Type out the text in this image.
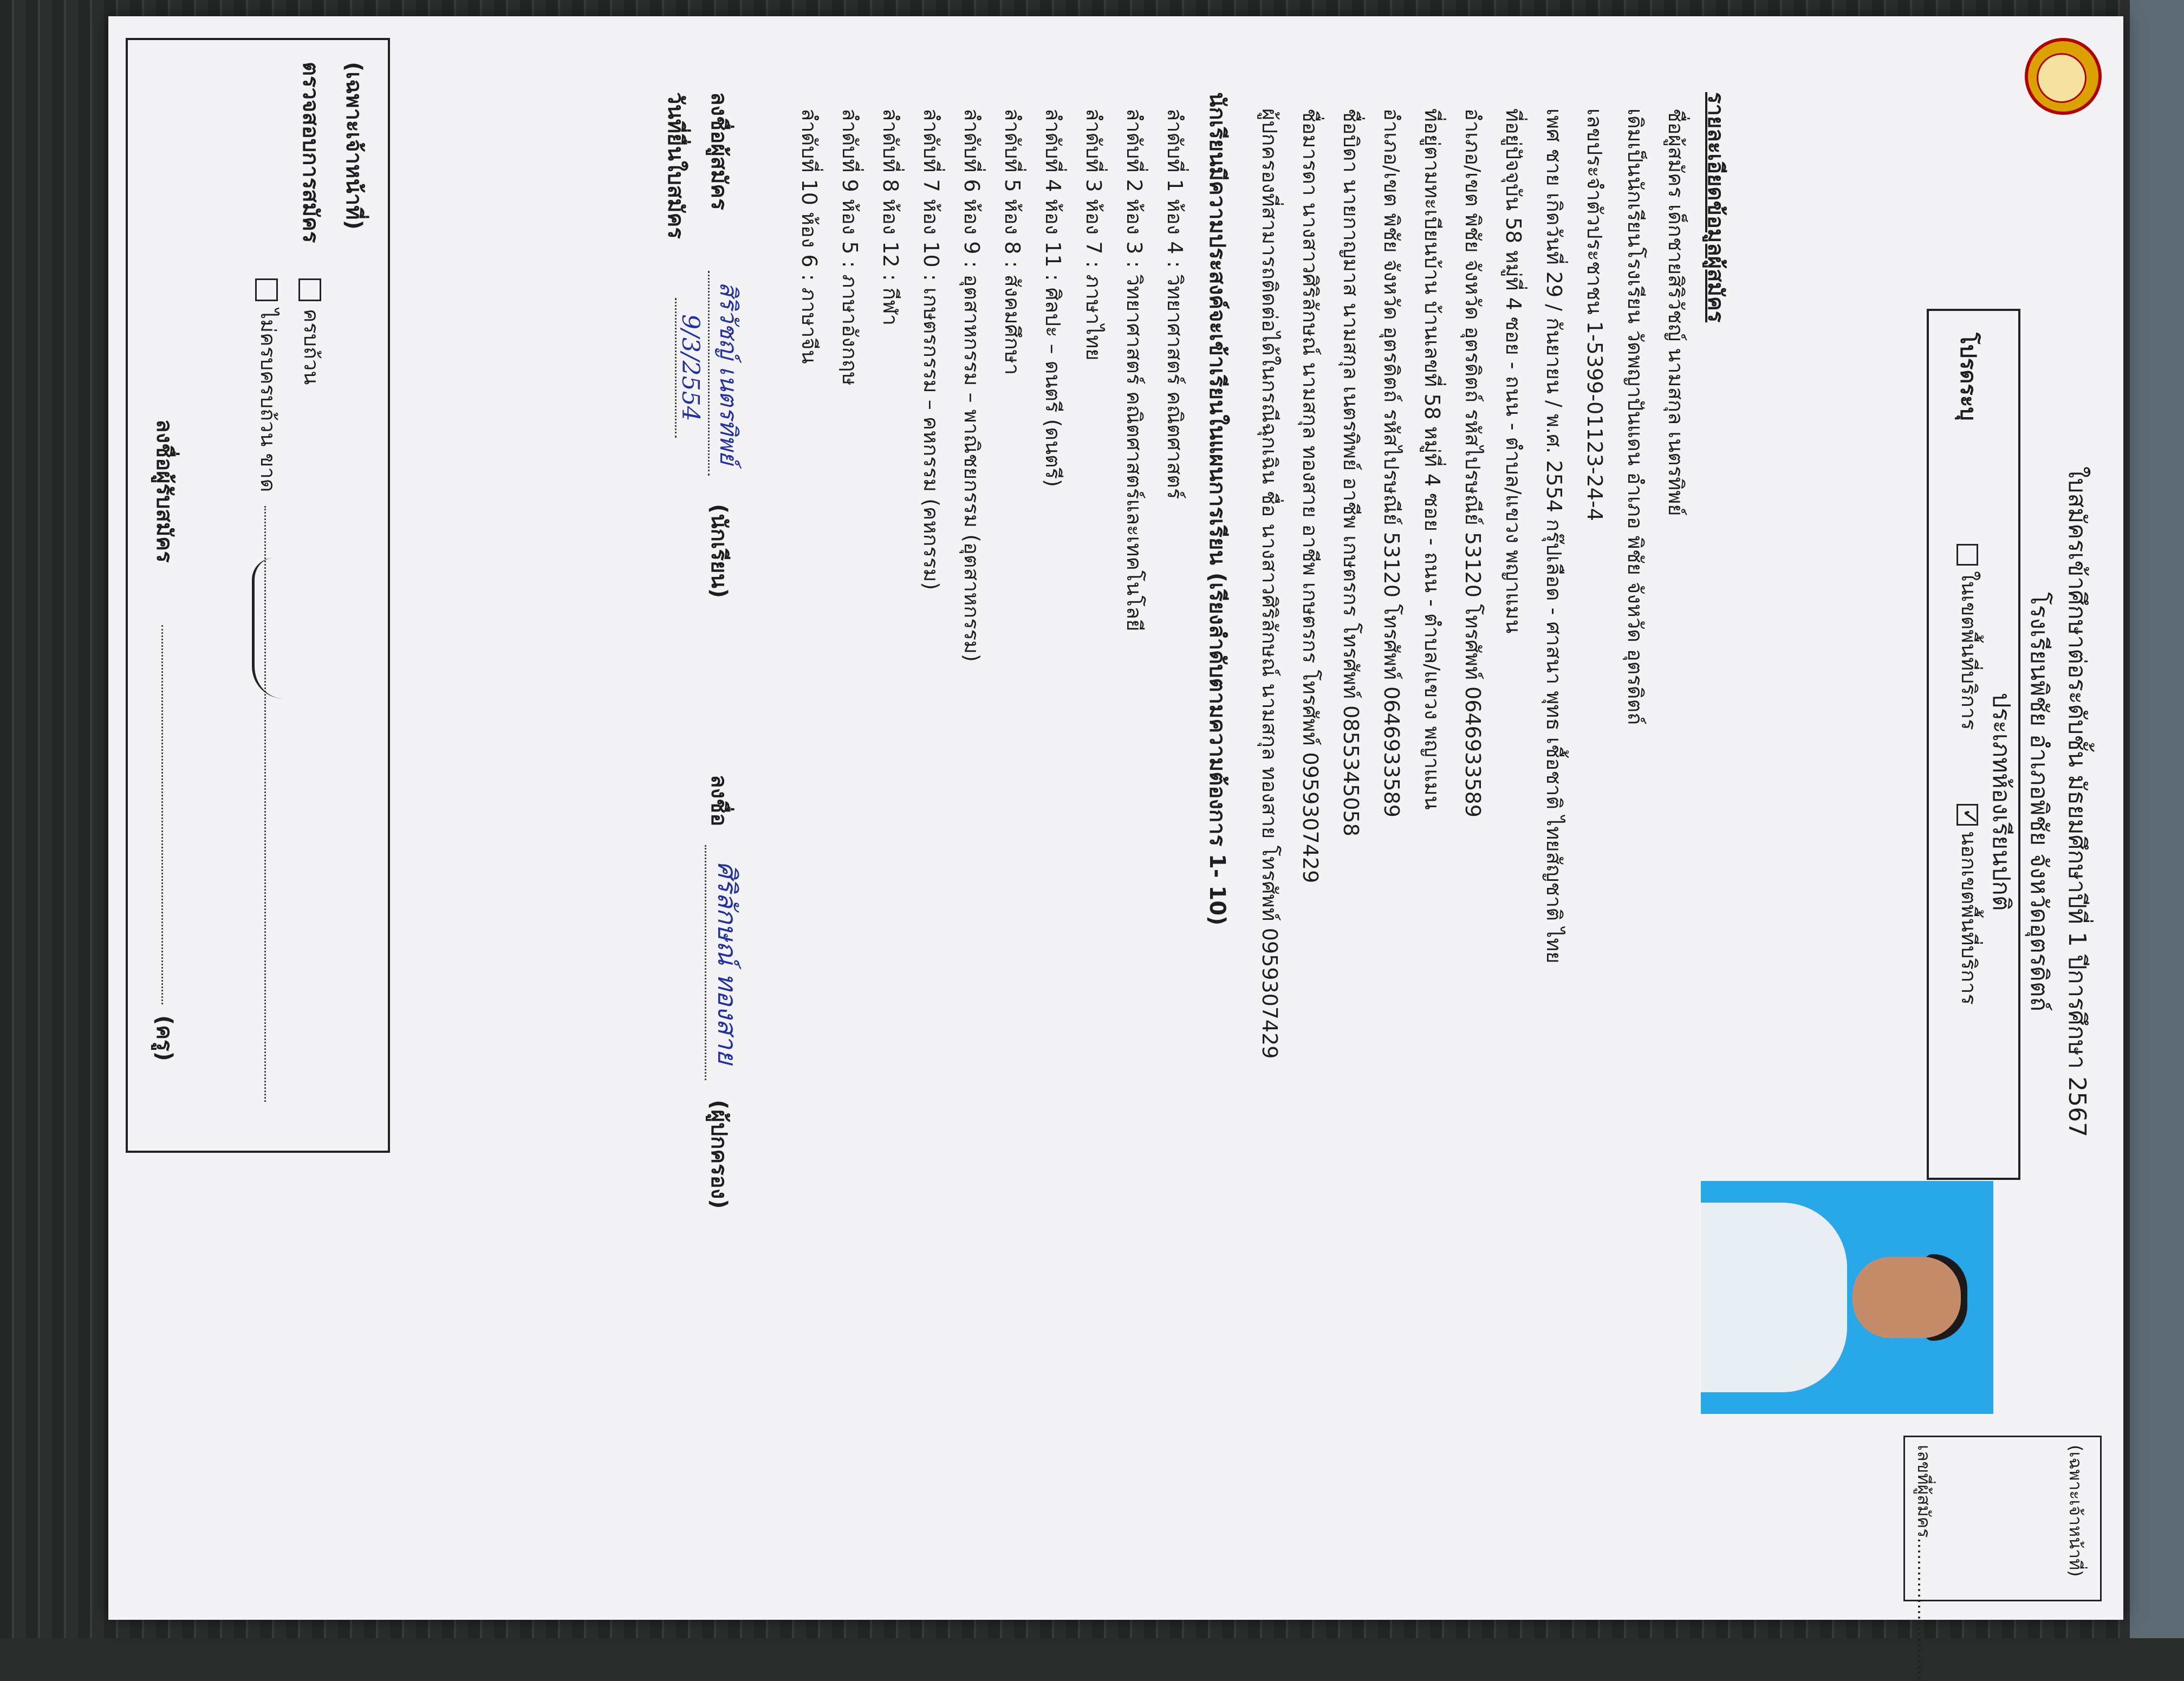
ใบสมัครเข้าศึกษาต่อระดับชั้น มัธยมศึกษาปีที่ 1 ปีการศึกษา 2567
โรงเรียนพิชัย อำเภอพิชัย จังหวัดอุตรดิตถ์
ประเภทห้องเรียนปกติ
(เฉพาะเจ้าหน้าที่)
เลขที่ผู้สมัคร..........................
โปรดระบุ
ในเขตพื้นที่บริการ
✓นอกเขตพื้นที่บริการ
รายละเอียดข้อมูลผู้สมัคร
ชื่อผู้สมัคร เด็กชายสิริวัชญ์ นามสกุล เนตรทิพย์
เดิมเป็นนักเรียนโรงเรียน วัดพญาปันแดน อำเภอ พิชัย จังหวัด อุตรดิตถ์
เลขประจำตัวประชาชน 1-5399-01123-24-4
เพศ ชาย เกิดวันที่ 29 / กันยายน / พ.ศ. 2554 กรุ๊ปเลือด - ศาสนา พุทธ เชื้อชาติ ไทยสัญชาติ ไทย
ที่อยู่ปัจจุบัน 58 หมู่ที่ 4 ซอย - ถนน - ตำบล/แขวง พญาแมน
อำเภอ/เขต พิชัย จังหวัด อุตรดิตถ์ รหัสไปรษณีย์ 53120 โทรศัพท์ 0646933589
ที่อยู่ตามทะเบียนบ้าน บ้านเลขที่ 58 หมู่ที่ 4 ซอย - ถนน - ตำบล/แขวง พญาแมน
อำเภอ/เขต พิชัย จังหวัด อุตรดิตถ์ รหัสไปรษณีย์ 53120 โทรศัพท์ 0646933589
ชื่อบิดา นายกาญมาส นามสกุล เนตรทิพย์ อาชีพ เกษตรกร โทรศัพท์ 0855345058
ชื่อมารดา นางสาวศิริลักษณ์ นามสกุล ทองสาย อาชีพ เกษตรกร โทรศัพท์ 0959307429
ผู้ปกครองที่สามารถติดต่อได้ในกรณีฉุกเฉิน ชื่อ นางสาวศิริลักษณ์ นามสกุล ทองสาย โทรศัพท์ 0959307429
นักเรียนมีความประสงค์จะเข้าเรียนในแผนการเรียน (เรียงลำดับตามความต้องการ 1- 10)
ลำดับที่ 1 ห้อง 4 : วิทยาศาสตร์ คณิตศาสตร์
ลำดับที่ 2 ห้อง 3 : วิทยาศาสตร์ คณิตศาสตร์และเทคโนโลยี
ลำดับที่ 3 ห้อง 7 : ภาษาไทย
ลำดับที่ 4 ห้อง 11 : ศิลปะ – ดนตรี (ดนตรี)
ลำดับที่ 5 ห้อง 8 : สังคมศึกษา
ลำดับที่ 6 ห้อง 9 : อุตสาหกรรม – พาณิชยกรรม (อุตสาหกรรม)
ลำดับที่ 7 ห้อง 10 : เกษตรกรรม – คหกรรม (คหกรรม)
ลำดับที่ 8 ห้อง 12 : กีฬา
ลำดับที่ 9 ห้อง 5 : ภาษาอังกฤษ
ลำดับที่ 10 ห้อง 6 : ภาษาจีน
ลงชื่อผู้สมัคร
สิริวัชญ์ เนตรทิพย์
(นักเรียน)
วันที่ยื่นใบสมัคร
9/3/2554
ลงชื่อ
ศิริลักษณ์ ทองสาย
(ผู้ปกครอง)
(เฉพาะเจ้าหน้าที่)
ตรวจสอบการสมัคร
ครบถ้วน
ไม่ครบครบถ้วน ขาด
ลงชื่อผู้รับสมัคร
(ครู)
